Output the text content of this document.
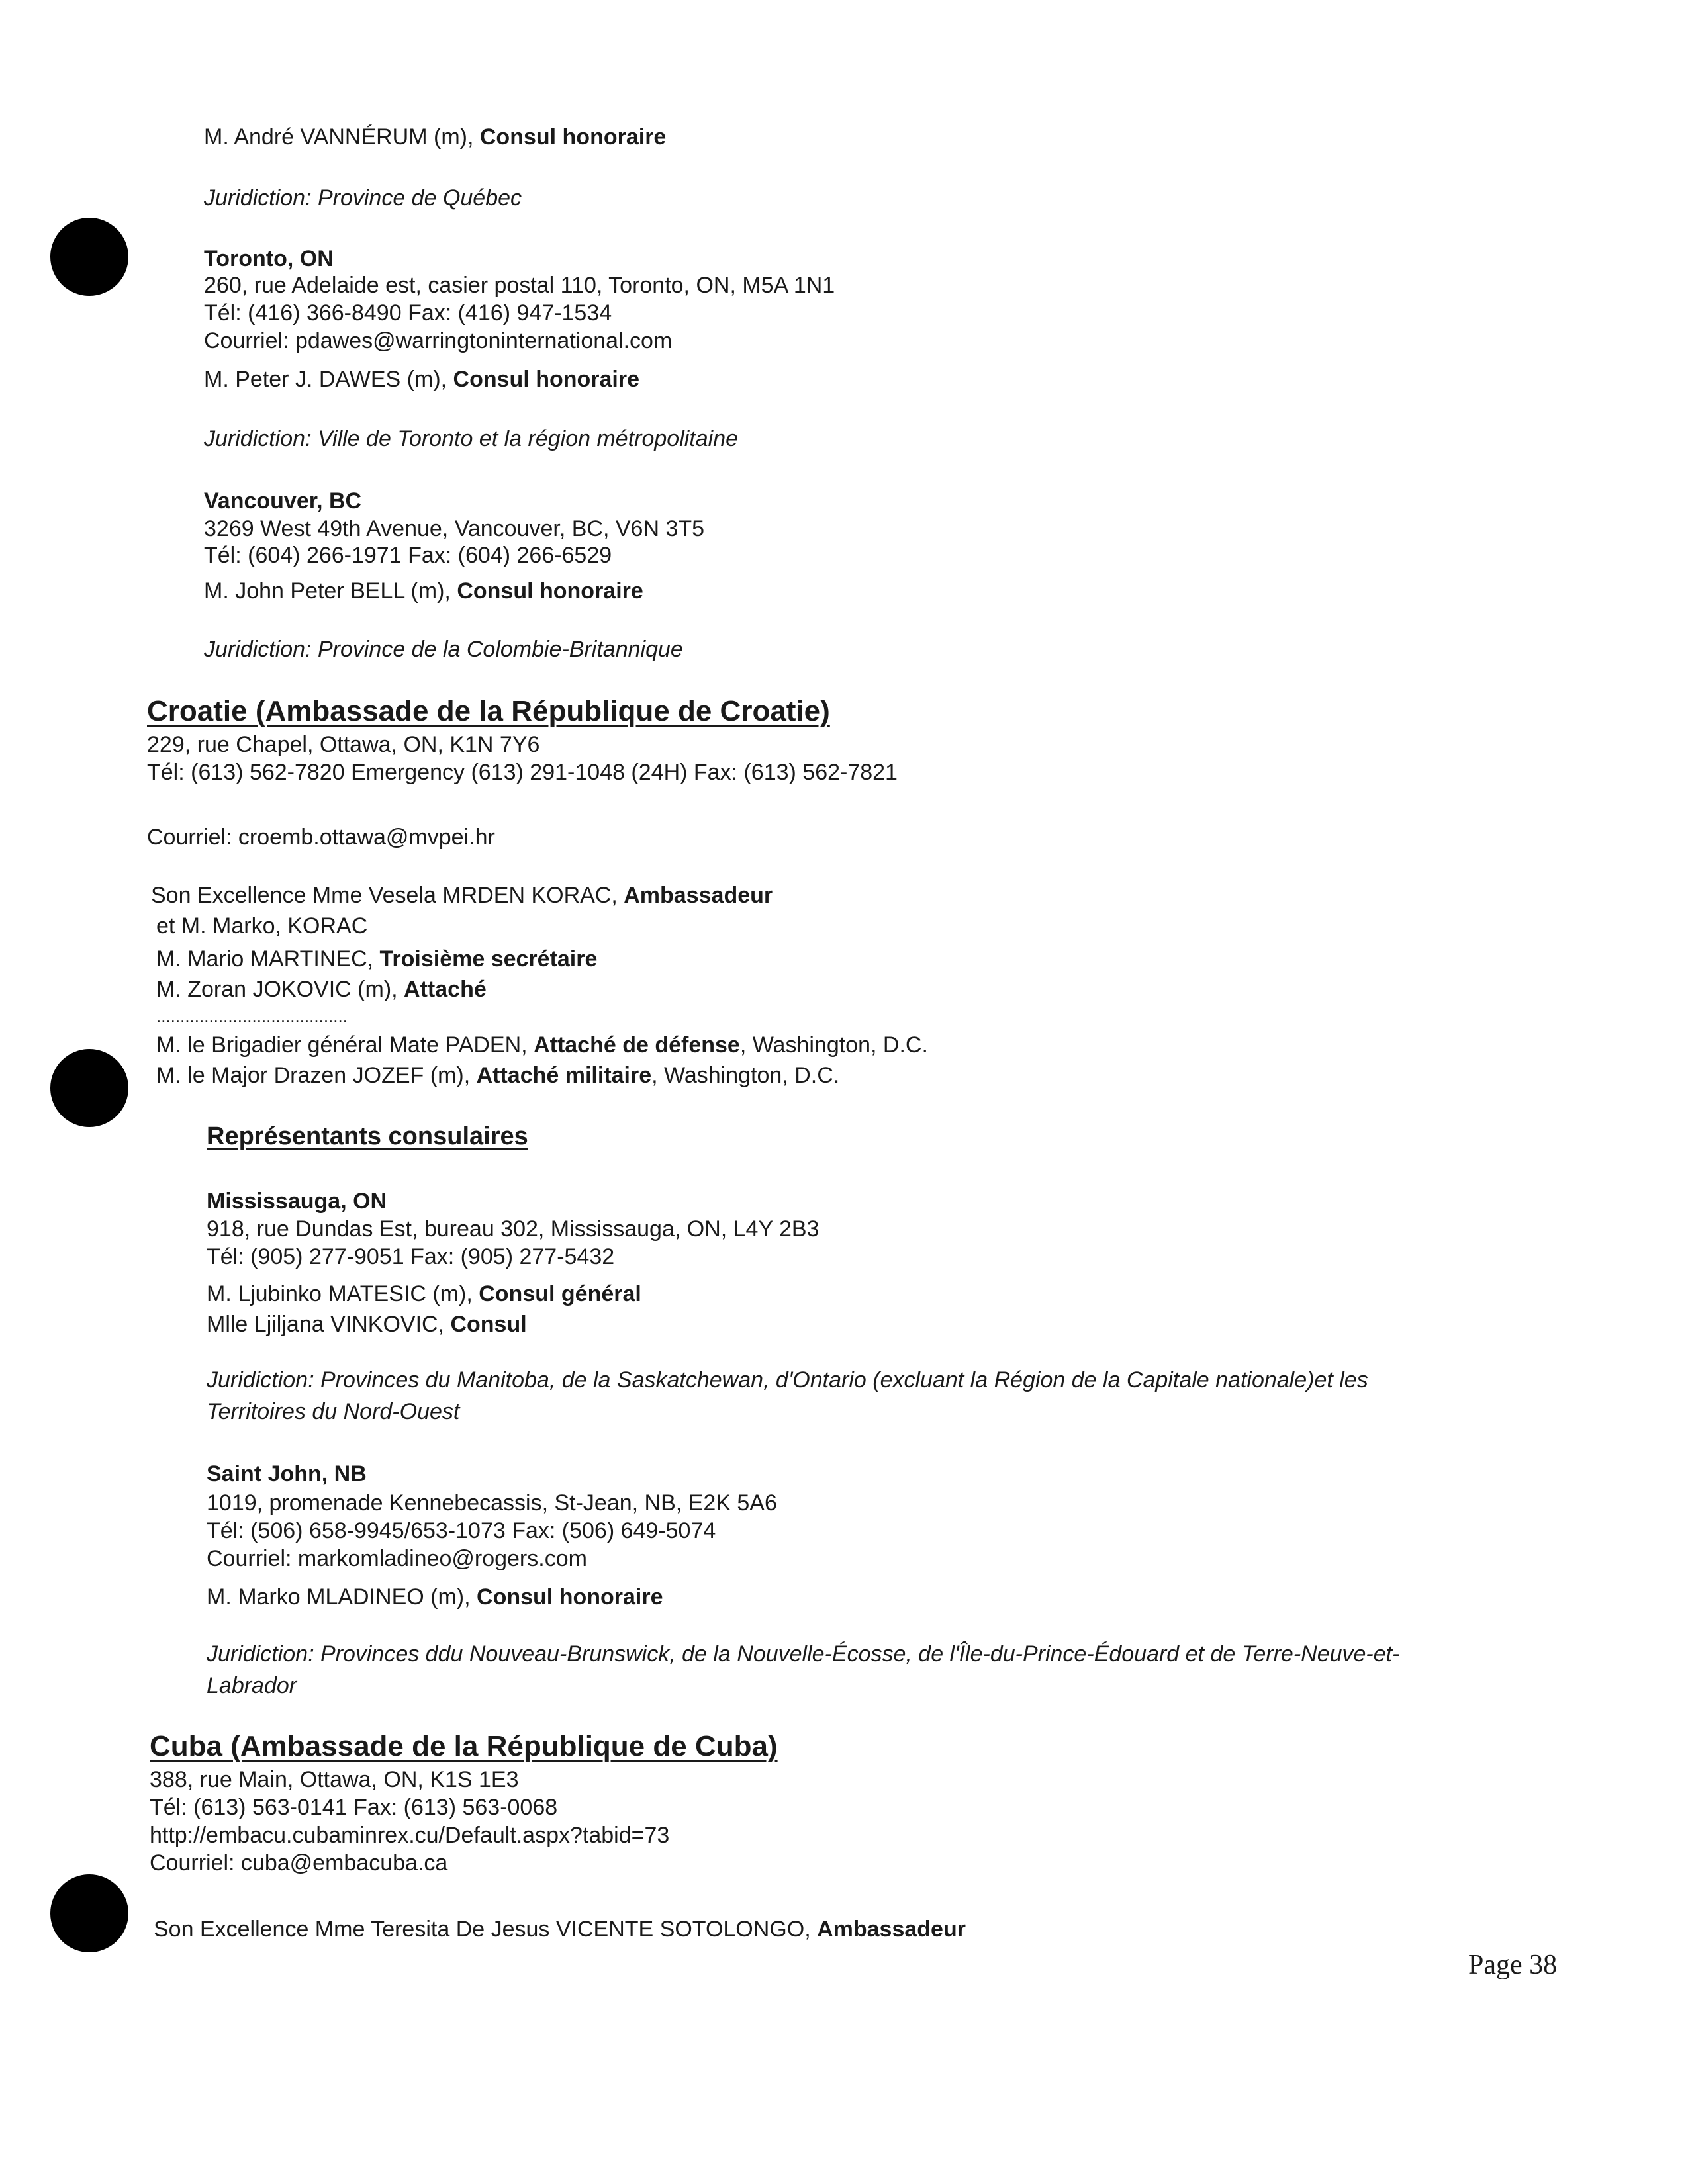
M. André VANNÉRUM (m), Consul honoraire
Juridiction: Province de Québec
Toronto, ON
260, rue Adelaide est, casier postal 110, Toronto, ON, M5A 1N1
Tél: (416) 366-8490 Fax: (416) 947-1534
Courriel: pdawes@warringtoninternational.com
M. Peter J. DAWES (m), Consul honoraire
Juridiction: Ville de Toronto et la région métropolitaine
Vancouver, BC
3269 West 49th Avenue, Vancouver, BC, V6N 3T5
Tél: (604) 266-1971 Fax: (604) 266-6529
M. John Peter BELL (m), Consul honoraire
Juridiction: Province de la Colombie-Britannique
Croatie (Ambassade de la République de Croatie)
229, rue Chapel, Ottawa, ON, K1N 7Y6
Tél: (613) 562-7820 Emergency (613) 291-1048 (24H) Fax: (613) 562-7821
Courriel: croemb.ottawa@mvpei.hr
Son Excellence Mme Vesela MRDEN KORAC, Ambassadeur
et M. Marko, KORAC
M. Mario MARTINEC, Troisième secrétaire
M. Zoran JOKOVIC (m), Attaché
........................................
M. le Brigadier général Mate PADEN, Attaché de défense, Washington, D.C.
M. le Major Drazen JOZEF (m), Attaché militaire, Washington, D.C.
Représentants consulaires
Mississauga, ON
918, rue Dundas Est, bureau 302, Mississauga, ON, L4Y 2B3
Tél: (905) 277-9051 Fax: (905) 277-5432
M. Ljubinko MATESIC (m), Consul général
Mlle Ljiljana VINKOVIC, Consul
Juridiction: Provinces du Manitoba, de la Saskatchewan, d'Ontario (excluant la Région de la Capitale nationale)et les
Territoires du Nord-Ouest
Saint John, NB
1019, promenade Kennebecassis, St-Jean, NB, E2K 5A6
Tél: (506) 658-9945/653-1073 Fax: (506) 649-5074
Courriel: markomladineo@rogers.com
M. Marko MLADINEO (m), Consul honoraire
Juridiction: Provinces ddu Nouveau-Brunswick, de la Nouvelle-Écosse, de l'Île-du-Prince-Édouard et de Terre-Neuve-et-
Labrador
Cuba (Ambassade de la République de Cuba)
388, rue Main, Ottawa, ON, K1S 1E3
Tél: (613) 563-0141 Fax: (613) 563-0068
http://embacu.cubaminrex.cu/Default.aspx?tabid=73
Courriel: cuba@embacuba.ca
Son Excellence Mme Teresita De Jesus VICENTE SOTOLONGO, Ambassadeur
Page 38
